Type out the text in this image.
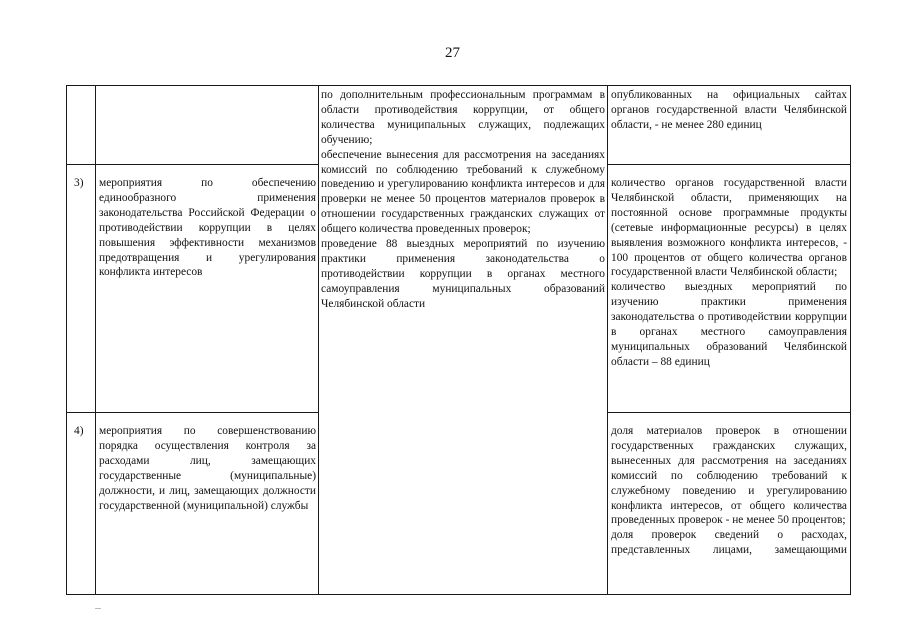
27

по дополнительным профессиональным программам в области противодействия коррупции, от общего количества муниципальных служащих, подлежащих обучению;

обеспечение вынесения для рассмотрения на заседаниях комиссий по соблюдению требований к служебному поведению и урегулированию конфликта интересов и для проверки не менее 50 процентов материалов проверок в отношении государственных гражданских служащих от общего количества проведенных проверок;

проведение 88 выездных мероприятий по изучению практики применения законодательства о противодействии коррупции в органах местного самоуправления муниципальных образований Челябинской области

опубликованных на официальных сайтах органов государственной власти Челябинской области, - не менее 280 единиц

3) мероприятия по обеспечению единообразного применения законодательства Российской Федерации о противодействии коррупции в целях повышения эффективности механизмов предотвращения и урегулирования конфликта интересов

количество органов государственной власти Челябинской области, применяющих на постоянной основе программные продукты (сетевые информационные ресурсы) в целях выявления возможного конфликта интересов, - 100 процентов от общего количества органов государственной власти Челябинской области;

количество выездных мероприятий по изучению практики применения законодательства о противодействии коррупции в органах местного самоуправления муниципальных образований Челябинской области – 88 единиц

4) мероприятия по совершенствованию порядка осуществления контроля за расходами лиц, замещающих государственные (муниципальные) должности, и лиц, замещающих должности государственной (муниципальной) службы

доля материалов проверок в отношении государственных гражданских служащих, вынесенных для рассмотрения на заседаниях комиссий по соблюдению требований к служебному поведению и урегулированию конфликта интересов, от общего количества проведенных проверок - не менее 50 процентов;

доля проверок сведений о расходах, представленных лицами, замещающими
